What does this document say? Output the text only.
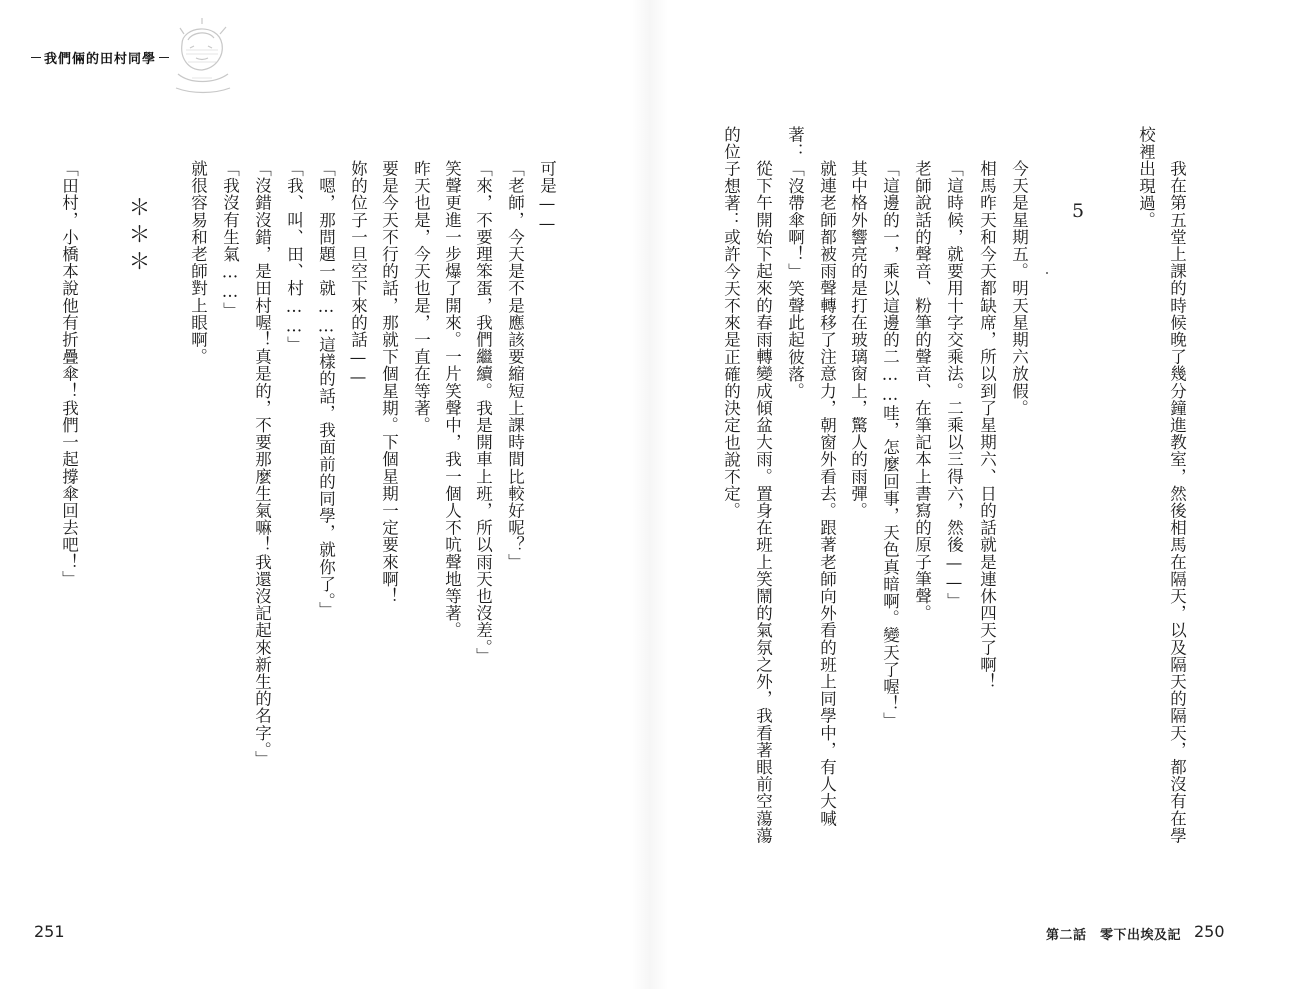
我們倆的田村同學
可是——
「老師，今天是不是應該要縮短上課時間比較好呢？」
「來，不要理笨蛋，我們繼續。我是開車上班，所以雨天也沒差。」
笑聲更進一步爆了開來。一片笑聲中，我一個人不吭聲地等著。
昨天也是，今天也是，一直在等著。
要是今天不行的話，那就下個星期。下個星期一定要來啊！
妳的位子一旦空下來的話——
「嗯，那問題一就……這樣的話，我面前的同學，就你了。」
「我、叫、田、村……」
「沒錯沒錯，是田村喔！真是的，不要那麼生氣嘛！我還沒記起來新生的名字。」
「我沒有生氣……」
就很容易和老師對上眼啊。
＊＊＊
「田村，小橋本說他有折疊傘！我們一起撐傘回去吧！」	我在第五堂上課的時候晚了幾分鐘進教室，然後相馬在隔天，以及隔天的隔天，都沒有在學
校裡出現過。
5
今天是星期五。明天星期六放假。
相馬昨天和今天都缺席，所以到了星期六、日的話就是連休四天了啊！
「這時候，就要用十字交乘法。二乘以三得六，然後——」
老師說話的聲音、粉筆的聲音、在筆記本上書寫的原子筆聲。
「這邊的一，乘以這邊的二……哇，怎麼回事，天色真暗啊。變天了喔！」
其中格外響亮的是打在玻璃窗上，驚人的雨彈。
就連老師都被雨聲轉移了注意力，朝窗外看去。跟著老師向外看的班上同學中，有人大喊
著：「沒帶傘啊！」笑聲此起彼落。
從下午開始下起來的春雨轉變成傾盆大雨。置身在班上笑鬧的氣氛之外，我看著眼前空蕩蕩
的位子想著：或許今天不來是正確的決定也說不定。
251	第二話　零下出埃及記 250
